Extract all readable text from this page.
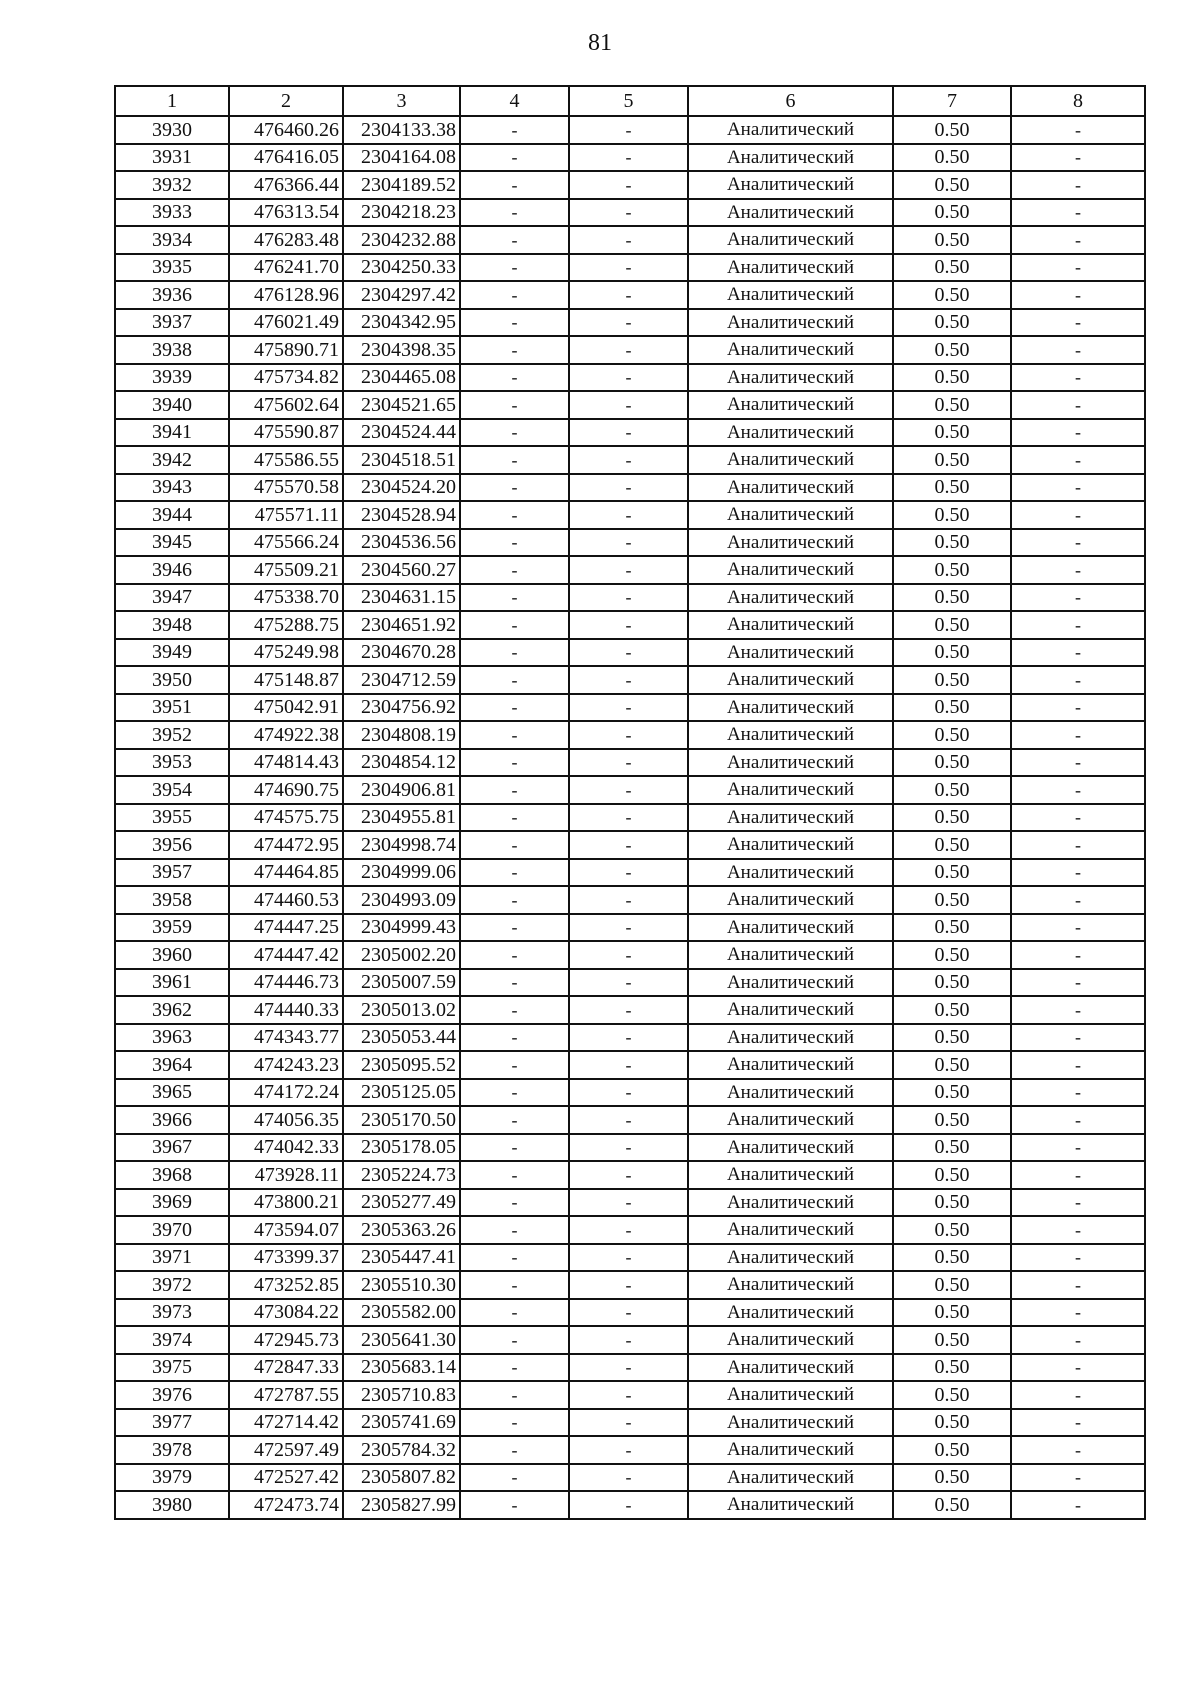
81
1	2	3	4	5	6	7	8
3930	476460.26	2304133.38	-	-	Аналитический	0.50	-
3931	476416.05	2304164.08	-	-	Аналитический	0.50	-
3932	476366.44	2304189.52	-	-	Аналитический	0.50	-
3933	476313.54	2304218.23	-	-	Аналитический	0.50	-
3934	476283.48	2304232.88	-	-	Аналитический	0.50	-
3935	476241.70	2304250.33	-	-	Аналитический	0.50	-
3936	476128.96	2304297.42	-	-	Аналитический	0.50	-
3937	476021.49	2304342.95	-	-	Аналитический	0.50	-
3938	475890.71	2304398.35	-	-	Аналитический	0.50	-
3939	475734.82	2304465.08	-	-	Аналитический	0.50	-
3940	475602.64	2304521.65	-	-	Аналитический	0.50	-
3941	475590.87	2304524.44	-	-	Аналитический	0.50	-
3942	475586.55	2304518.51	-	-	Аналитический	0.50	-
3943	475570.58	2304524.20	-	-	Аналитический	0.50	-
3944	475571.11	2304528.94	-	-	Аналитический	0.50	-
3945	475566.24	2304536.56	-	-	Аналитический	0.50	-
3946	475509.21	2304560.27	-	-	Аналитический	0.50	-
3947	475338.70	2304631.15	-	-	Аналитический	0.50	-
3948	475288.75	2304651.92	-	-	Аналитический	0.50	-
3949	475249.98	2304670.28	-	-	Аналитический	0.50	-
3950	475148.87	2304712.59	-	-	Аналитический	0.50	-
3951	475042.91	2304756.92	-	-	Аналитический	0.50	-
3952	474922.38	2304808.19	-	-	Аналитический	0.50	-
3953	474814.43	2304854.12	-	-	Аналитический	0.50	-
3954	474690.75	2304906.81	-	-	Аналитический	0.50	-
3955	474575.75	2304955.81	-	-	Аналитический	0.50	-
3956	474472.95	2304998.74	-	-	Аналитический	0.50	-
3957	474464.85	2304999.06	-	-	Аналитический	0.50	-
3958	474460.53	2304993.09	-	-	Аналитический	0.50	-
3959	474447.25	2304999.43	-	-	Аналитический	0.50	-
3960	474447.42	2305002.20	-	-	Аналитический	0.50	-
3961	474446.73	2305007.59	-	-	Аналитический	0.50	-
3962	474440.33	2305013.02	-	-	Аналитический	0.50	-
3963	474343.77	2305053.44	-	-	Аналитический	0.50	-
3964	474243.23	2305095.52	-	-	Аналитический	0.50	-
3965	474172.24	2305125.05	-	-	Аналитический	0.50	-
3966	474056.35	2305170.50	-	-	Аналитический	0.50	-
3967	474042.33	2305178.05	-	-	Аналитический	0.50	-
3968	473928.11	2305224.73	-	-	Аналитический	0.50	-
3969	473800.21	2305277.49	-	-	Аналитический	0.50	-
3970	473594.07	2305363.26	-	-	Аналитический	0.50	-
3971	473399.37	2305447.41	-	-	Аналитический	0.50	-
3972	473252.85	2305510.30	-	-	Аналитический	0.50	-
3973	473084.22	2305582.00	-	-	Аналитический	0.50	-
3974	472945.73	2305641.30	-	-	Аналитический	0.50	-
3975	472847.33	2305683.14	-	-	Аналитический	0.50	-
3976	472787.55	2305710.83	-	-	Аналитический	0.50	-
3977	472714.42	2305741.69	-	-	Аналитический	0.50	-
3978	472597.49	2305784.32	-	-	Аналитический	0.50	-
3979	472527.42	2305807.82	-	-	Аналитический	0.50	-
3980	472473.74	2305827.99	-	-	Аналитический	0.50	-
